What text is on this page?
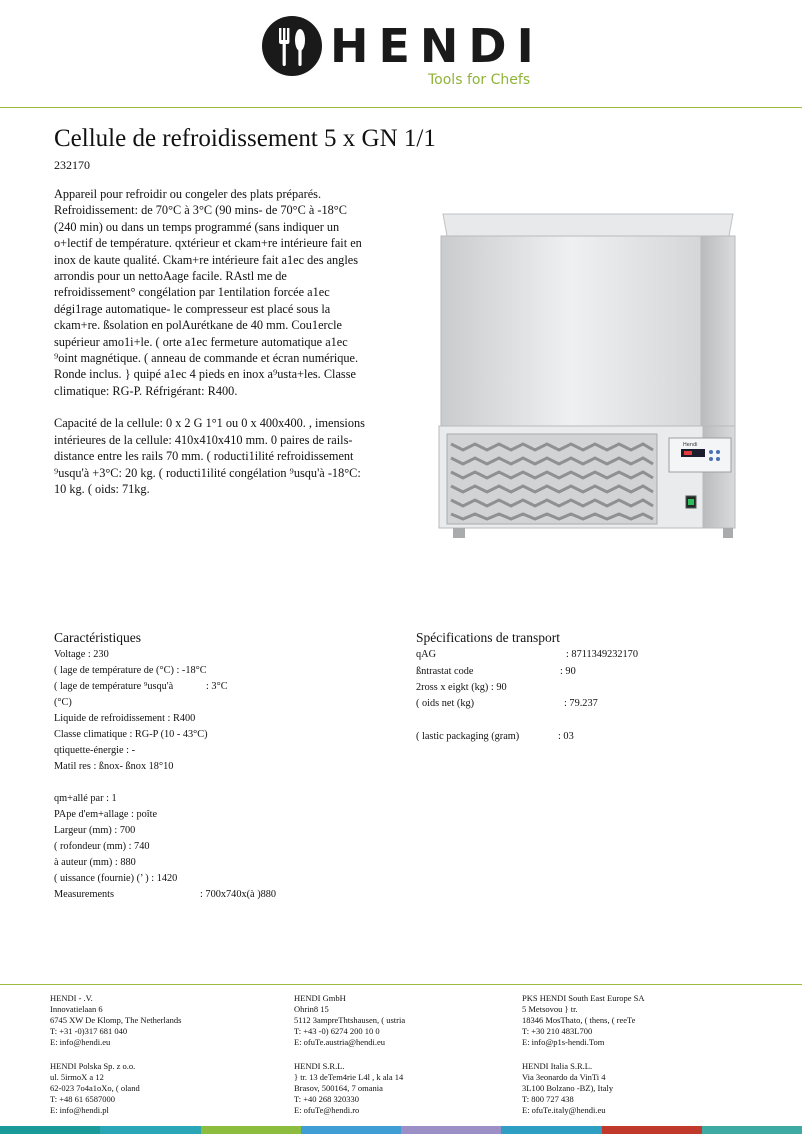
HENDI
Tools for Chefs
Cellule de refroidissement 5 x GN 1/1
232170

Appareil pour refroidir ou congeler des plats préparés. Refroidissement: de 70°C à 3°C (90 mins- de 70°C à -18°C (240 min) ou dans un temps programmé (sans indiquer un o+lectif de température. qxtérieur et ckam+re intérieure fait en inox de kaute qualité. Ckam+re intérieure fait a1ec des angles arrondis pour un nettoAage facile. RAstl me de refroidissement° congélation par 1entilation forcée a1ec dégi1rage automatique- le compresseur est placé sous la ckam+re. ßsolation en polAurétkane de 40 mm. Cou1ercle supérieur amo1i+le. ( orte a1ec fermeture automatique a1ec ⁹oint magnétique. ( anneau de commande et écran numérique. Ronde inclus. } quipé a1ec 4 pieds en inox a⁹usta+les. Classe climatique: RG-P. Réfrigérant: R400.

Capacité de la cellule: 0 x 2 G 1°1 ou 0 x 400x400. , imensions intérieures de la cellule: 410x410x410 mm. 0 paires de rails-distance entre les rails 70 mm. ( roducti1ilité refroidissement ⁹usqu'à +3°C: 20 kg. ( roducti1ilité congélation ⁹usqu'à -18°C: 10 kg. ( oids: 71kg.

Hendi
Caractéristiques
Voltage : 230
( lage de température de (°C) : -18°C
( lage de température ⁹usqu'à	: 3°C
(°C)
Liquide de refroidissement : R400
Classe climatique : RG-P (10 - 43°C)
qtiquette-énergie : -
Matil res : ßnox- ßnox 18°10
qm+allé par : 1
PApe d'em+allage : poîte
Largeur (mm) : 700
( rofondeur (mm) : 740
à auteur (mm) : 880
( uissance (fournie) (’ ) : 1420
Measurements	: 700x740x(à )880
Spécifications de transport
qAG	: 8711349232170
ßntrastat code	: 90
2ross x eigkt (kg) : 90
( oids net (kg)	: 79.237
( lastic packaging (gram)	: 03
HENDI - .V.
Innovatielaan 6
6745 XW De Klomp, The Netherlands
T: +31 -0)317 681 040
E: info@hendi.eu
HENDI Polska Sp. z o.o.
ul. 5irmoX a 12
62-023 7o4a1oXo, ( oland
T: +48 61 6587000
E: info@hendi.pl
HENDI GmbH
Ohrin8 15
5112 3ampreThtshausen, ( ustria
T: +43 -0) 6274 200 10 0
E: ofuTe.austria@hendi.eu
HENDI S.R.L.
} tr. 13 deTem4rie L4l , k ala 14
Brasov, 500164, 7 omania
T: +40 268 320330
E: ofuTe@hendi.ro
PKS HENDI South East Europe SA
5 Metsovou } tr.
18346 MosThato, ( thens, ( reeTe
T: +30 210 483L700
E: info@p1s-hendi.Tom
HENDI Italia S.R.L.
Via 3eonardo da VinTi 4
3L100 Bolzano -BZ), Italy
T: 800 727 438
E: ofuTe.italy@hendi.eu
